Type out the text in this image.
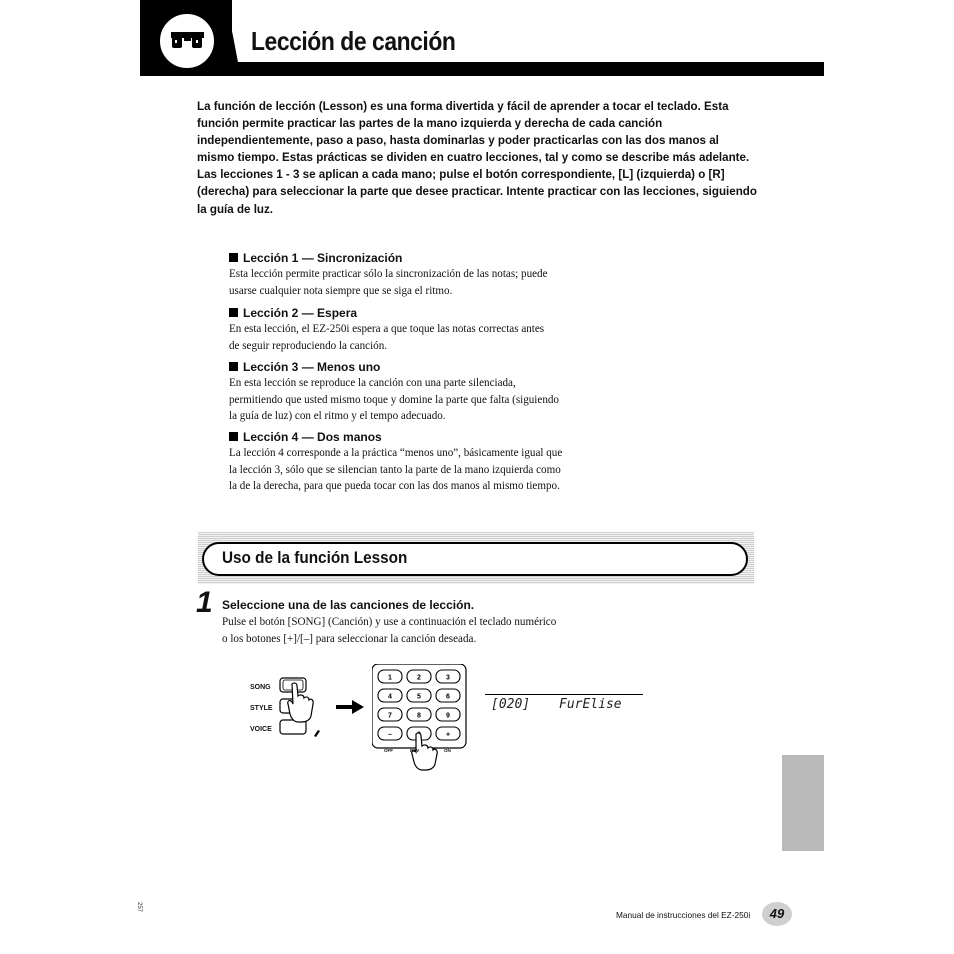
Lección de canción

La función de lección (Lesson) es una forma divertida y fácil de aprender a tocar el teclado. Esta función permite practicar las partes de la mano izquierda y derecha de cada canción independientemente, paso a paso, hasta dominarlas y poder practicarlas con las dos manos al mismo tiempo. Estas prácticas se dividen en cuatro lecciones, tal y como se describe más adelante. Las lecciones 1 - 3 se aplican a cada mano; pulse el botón correspondiente, [L] (izquierda) o [R] (derecha) para seleccionar la parte que desee practicar. Intente practicar con las lecciones, siguiendo la guía de luz.

Lección 1 — Sincronización
Esta lección permite practicar sólo la sincronización de las notas; puede
usarse cualquier nota siempre que se siga el ritmo.
Lección 2 — Espera
En esta lección, el EZ-250i espera a que toque las notas correctas antes
de seguir reproduciendo la canción.
Lección 3 — Menos uno
En esta lección se reproduce la canción con una parte silenciada,
permitiendo que usted mismo toque y domine la parte que falta (siguiendo
la guía de luz) con el ritmo y el tempo adecuado.
Lección 4 — Dos manos
La lección 4 corresponde a la práctica “menos uno”, básicamente igual que
la lección 3, sólo que se silencian tanto la parte de la mano izquierda como
la de la derecha, para que pueda tocar con las dos manos al mismo tiempo.
Uso de la función Lesson
1 Seleccione una de las canciones de lección.
Pulse el botón [SONG] (Canción) y use a continuación el teclado numérico
o los botones [+]/[–] para seleccionar la canción deseada.
SONG
STYLE
VOICE
1	2	3
4	5	6
7	8	9
–	+
OFF	REV	ON
[020] FurElise
257
Manual de instrucciones del EZ-250i	49
